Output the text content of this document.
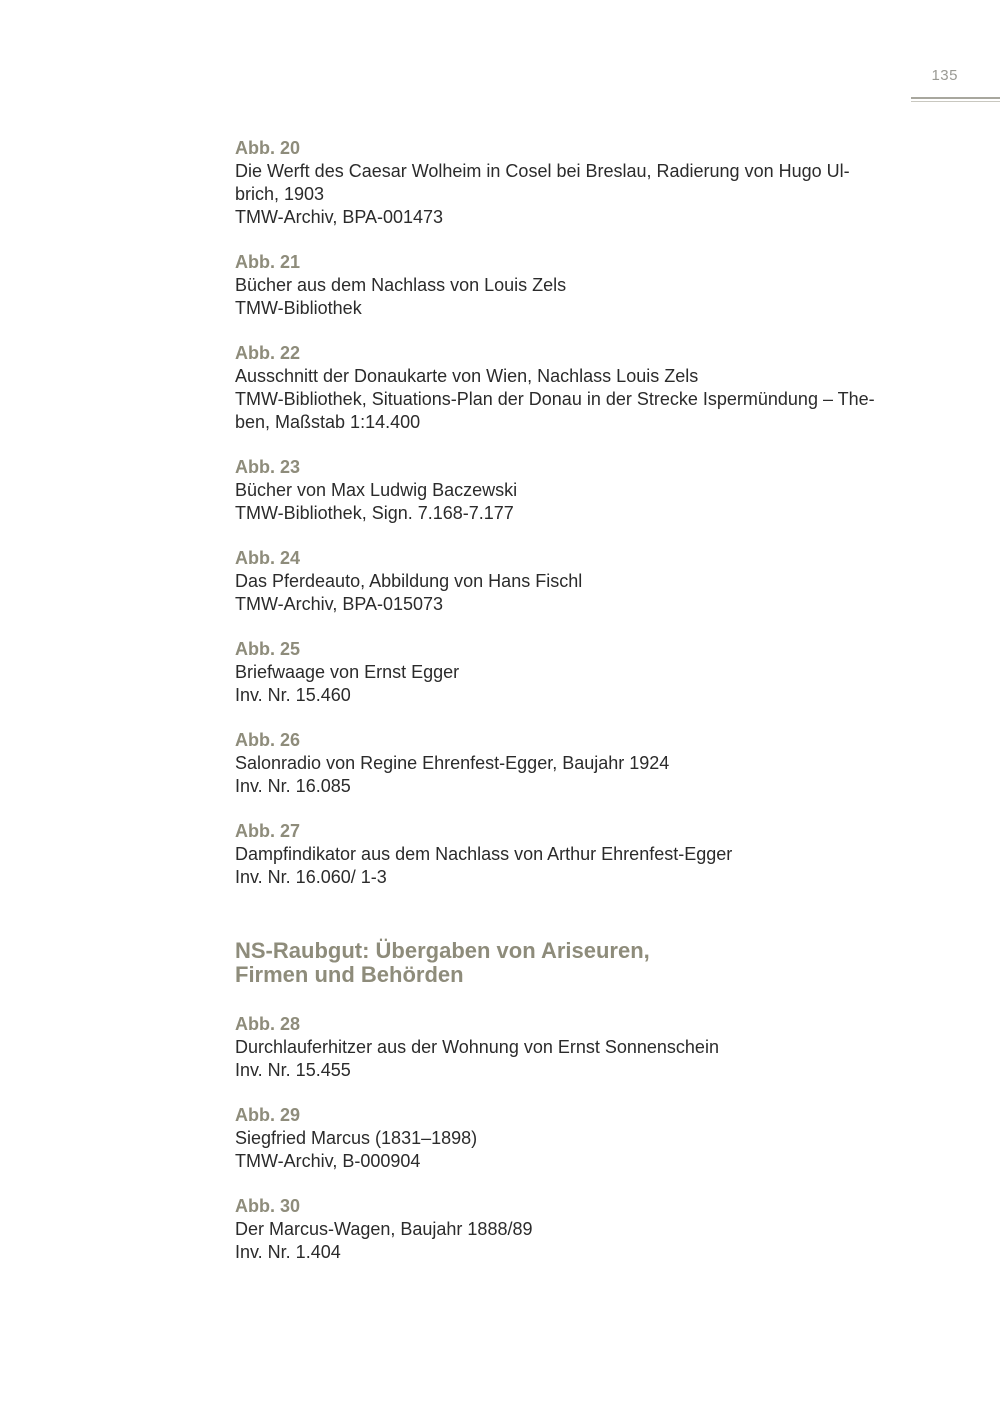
135
Abb. 20
Die Werft des Caesar Wolheim in Cosel bei Breslau, Radierung von Hugo Ul-
brich, 1903
TMW-Archiv, BPA-001473
Abb. 21
Bücher aus dem Nachlass von Louis Zels
TMW-Bibliothek
Abb. 22
Ausschnitt der Donaukarte von Wien, Nachlass Louis Zels
TMW-Bibliothek, Situations-Plan der Donau in der Strecke Ispermündung – The-
ben, Maßstab 1:14.400
Abb. 23
Bücher von Max Ludwig Baczewski
TMW-Bibliothek, Sign. 7.168-7.177
Abb. 24
Das Pferdeauto, Abbildung von Hans Fischl
TMW-Archiv, BPA-015073
Abb. 25
Briefwaage von Ernst Egger
Inv. Nr. 15.460
Abb. 26
Salonradio von Regine Ehrenfest-Egger, Baujahr 1924
Inv. Nr. 16.085
Abb. 27
Dampfindikator aus dem Nachlass von Arthur Ehrenfest-Egger
Inv. Nr. 16.060/ 1-3
NS-Raubgut: Übergaben von Ariseuren,
Firmen und Behörden
Abb. 28
Durchlauferhitzer aus der Wohnung von Ernst Sonnenschein
Inv. Nr. 15.455
Abb. 29
Siegfried Marcus (1831–1898)
TMW-Archiv, B-000904
Abb. 30
Der Marcus-Wagen, Baujahr 1888/89
Inv. Nr. 1.404
